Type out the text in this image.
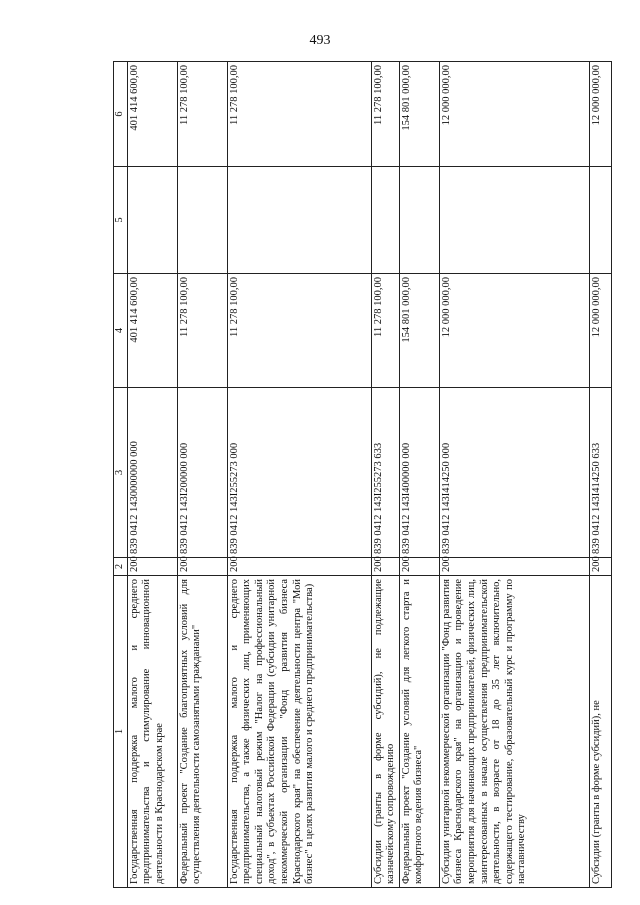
493
1	2	3	4	5	6
Государственная поддержка малого и среднего предпринимательства и стимулирование инновационной деятельности в Краснодарском крае	200	839 0412 1430000000 000	401 414 600,00		401 414 600,00
Федеральный проект "Создание благоприятных условий для осуществления деятельности самозанятыми гражданами"	200	839 0412 143I200000 000	11 278 100,00		11 278 100,00
Государственная поддержка малого и среднего предпринимательства, а также физических лиц, применяющих специальный налоговый режим "Налог на профессиональный доход", в субъектах Российской Федерации (субсидии унитарной некоммерческой организации "Фонд развития бизнеса Краснодарского края" на обеспечение деятельности центра "Мой бизнес" в целях развития малого и среднего предпринимательства)	200	839 0412 143I255273 000	11 278 100,00		11 278 100,00
Субсидии (гранты в форме субсидий), не подлежащие казначейскому сопровождению	200	839 0412 143I255273 633	11 278 100,00		11 278 100,00
Федеральный проект "Создание условий для легкого старта и комфортного ведения бизнеса"	200	839 0412 143I400000 000	154 801 000,00		154 801 000,00
Субсидии унитарной некоммерческой организации "Фонд развития бизнеса Краснодарского края" на организацию и проведение мероприятия для начинающих предпринимателей, физических лиц, заинтересованных в начале осуществления предпринимательской деятельности, в возрасте от 18 до 35 лет включительно, содержащего тестирование, образовательный курс и программу по наставничеству	200	839 0412 143I414250 000	12 000 000,00		12 000 000,00
Субсидии (гранты в форме субсидий), не	200	839 0412 143I414250 633	12 000 000,00		12 000 000,00
